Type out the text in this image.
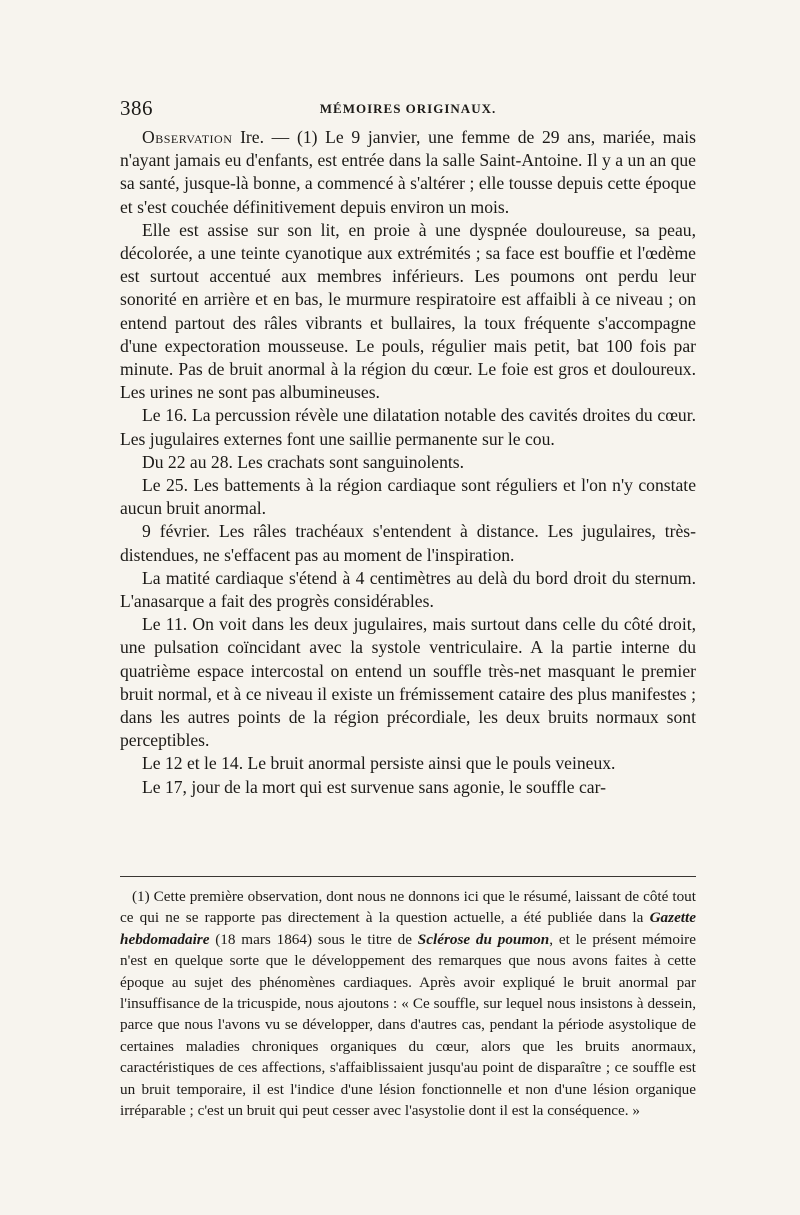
386	MÉMOIRES ORIGINAUX.

Observation Ire. — (1) Le 9 janvier, une femme de 29 ans, mariée, mais n'ayant jamais eu d'enfants, est entrée dans la salle Saint-Antoine. Il y a un an que sa santé, jusque-là bonne, a commencé à s'altérer ; elle tousse depuis cette époque et s'est couchée définitivement depuis environ un mois.

Elle est assise sur son lit, en proie à une dyspnée douloureuse, sa peau, décolorée, a une teinte cyanotique aux extrémités ; sa face est bouffie et l'œdème est surtout accentué aux membres inférieurs. Les poumons ont perdu leur sonorité en arrière et en bas, le murmure respiratoire est affaibli à ce niveau ; on entend partout des râles vibrants et bullaires, la toux fréquente s'accompagne d'une expectoration mousseuse. Le pouls, régulier mais petit, bat 100 fois par minute. Pas de bruit anormal à la région du cœur. Le foie est gros et douloureux. Les urines ne sont pas albumineuses.

Le 16. La percussion révèle une dilatation notable des cavités droites du cœur. Les jugulaires externes font une saillie permanente sur le cou.

Du 22 au 28. Les crachats sont sanguinolents.

Le 25. Les battements à la région cardiaque sont réguliers et l'on n'y constate aucun bruit anormal.

9 février. Les râles trachéaux s'entendent à distance. Les jugulaires, très-distendues, ne s'effacent pas au moment de l'inspiration.

La matité cardiaque s'étend à 4 centimètres au delà du bord droit du sternum. L'anasarque a fait des progrès considérables.

Le 11. On voit dans les deux jugulaires, mais surtout dans celle du côté droit, une pulsation coïncidant avec la systole ventriculaire. A la partie interne du quatrième espace intercostal on entend un souffle très-net masquant le premier bruit normal, et à ce niveau il existe un frémissement cataire des plus manifestes ; dans les autres points de la région précordiale, les deux bruits normaux sont perceptibles.

Le 12 et le 14. Le bruit anormal persiste ainsi que le pouls veineux.

Le 17, jour de la mort qui est survenue sans agonie, le souffle car-

(1) Cette première observation, dont nous ne donnons ici que le résumé, laissant de côté tout ce qui ne se rapporte pas directement à la question actuelle, a été publiée dans la Gazette hebdomadaire (18 mars 1864) sous le titre de Sclérose du poumon, et le présent mémoire n'est en quelque sorte que le développement des remarques que nous avons faites à cette époque au sujet des phénomènes cardiaques. Après avoir expliqué le bruit anormal par l'insuffisance de la tricuspide, nous ajoutons : « Ce souffle, sur lequel nous insistons à dessein, parce que nous l'avons vu se développer, dans d'autres cas, pendant la période asystolique de certaines maladies chroniques organiques du cœur, alors que les bruits anormaux, caractéristiques de ces affections, s'affaiblissaient jusqu'au point de disparaître ; ce souffle est un bruit temporaire, il est l'indice d'une lésion fonctionnelle et non d'une lésion organique irréparable ; c'est un bruit qui peut cesser avec l'asystolie dont il est la conséquence. »
